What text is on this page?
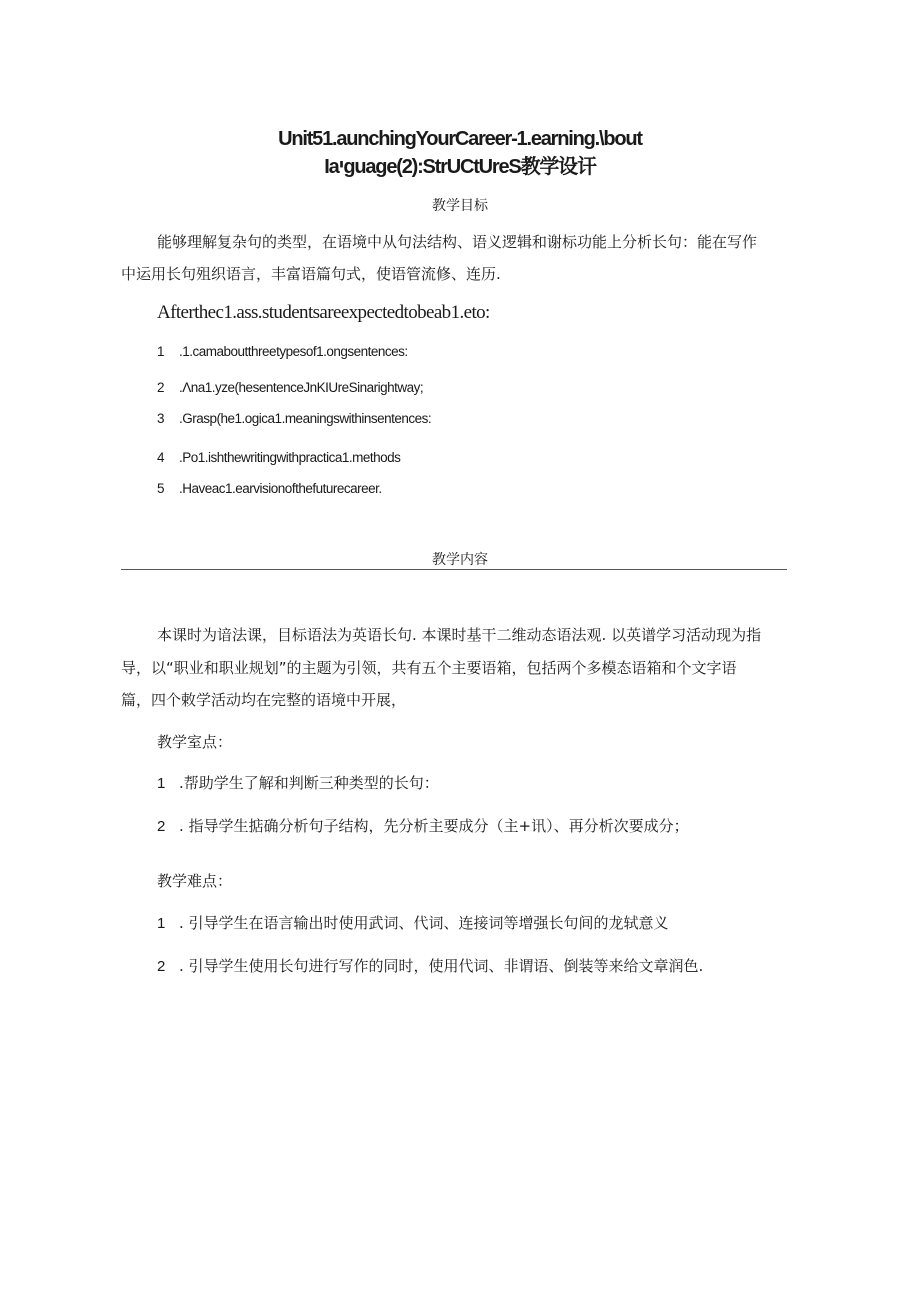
Unit51.aunchingYourCareer-1.earning.\bout
Iaיguage(2):StrUCtUreS教学设讦
教学目标
能够理解复杂句的类型，在语境中从句法结构、语义逻辑和谢标功能上分析长句：能在写作
中运用长句殂织语言，丰富语篇句式，使语管流修、连历.
Afterthec1.ass.studentsareexpectedtobeab1.eto:
1 .1.camaboutthreetypesof1.ongsentences:
2 .Λna1.yze(hesentenceJnKIUreSinarightway;
3 .Grasp(he1.ogica1.meaningswithinsentences:
4 .Po1.ishthewritingwithpractica1.methods
5 .Haveac1.earvisionofthefuturecareer.
教学内容
本课时为谙法课，目标语法为英语长句. 本课时基干二维动态语法观. 以英谱学习活动现为指
导，以“职业和职业规划”的主题为引领，共有五个主要语箱，包括两个多模态语箱和个文字语
篇，四个敕学活动均在完整的语境中开展，
教学室点：
1 .帮助学生了解和判断三种类型的长句：
2 . 指导学生掂确分析句子结构，先分析主要成分（主+讯）、再分析次要成分；
教学难点：
1 . 引导学生在语言输出时使用武词、代词、连接词等增强长句间的龙轼意义
2 . 引导学生使用长句进行写作的同时，使用代词、非谓语、倒装等来给文章润色.
